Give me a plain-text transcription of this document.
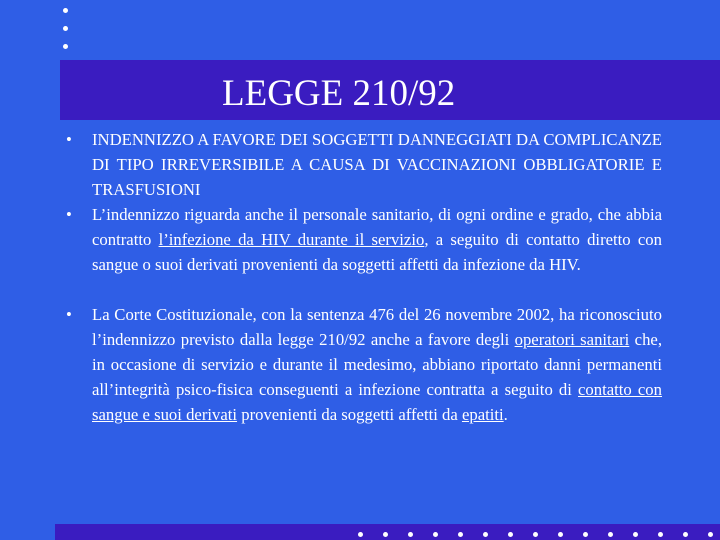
LEGGE 210/92
• INDENNIZZO A FAVORE DEI SOGGETTI DANNEGGIATI DA COMPLICANZE DI TIPO IRREVERSIBILE A CAUSA DI VACCINAZIONI OBBLIGATORIE E TRASFUSIONI
• L’indennizzo riguarda anche il personale sanitario, di ogni ordine e grado, che abbia contratto l’infezione da HIV durante il servizio, a seguito di contatto diretto con sangue o suoi derivati provenienti da soggetti affetti da infezione da HIV.
• La Corte Costituzionale, con la sentenza 476 del 26 novembre 2002, ha riconosciuto l’indennizzo previsto dalla legge 210/92 anche a favore degli operatori sanitari che, in occasione di servizio e durante il medesimo, abbiano riportato danni permanenti all’integrità psico-fisica conseguenti a infezione contratta a seguito di contatto con sangue e suoi derivati provenienti da soggetti affetti da epatiti.
